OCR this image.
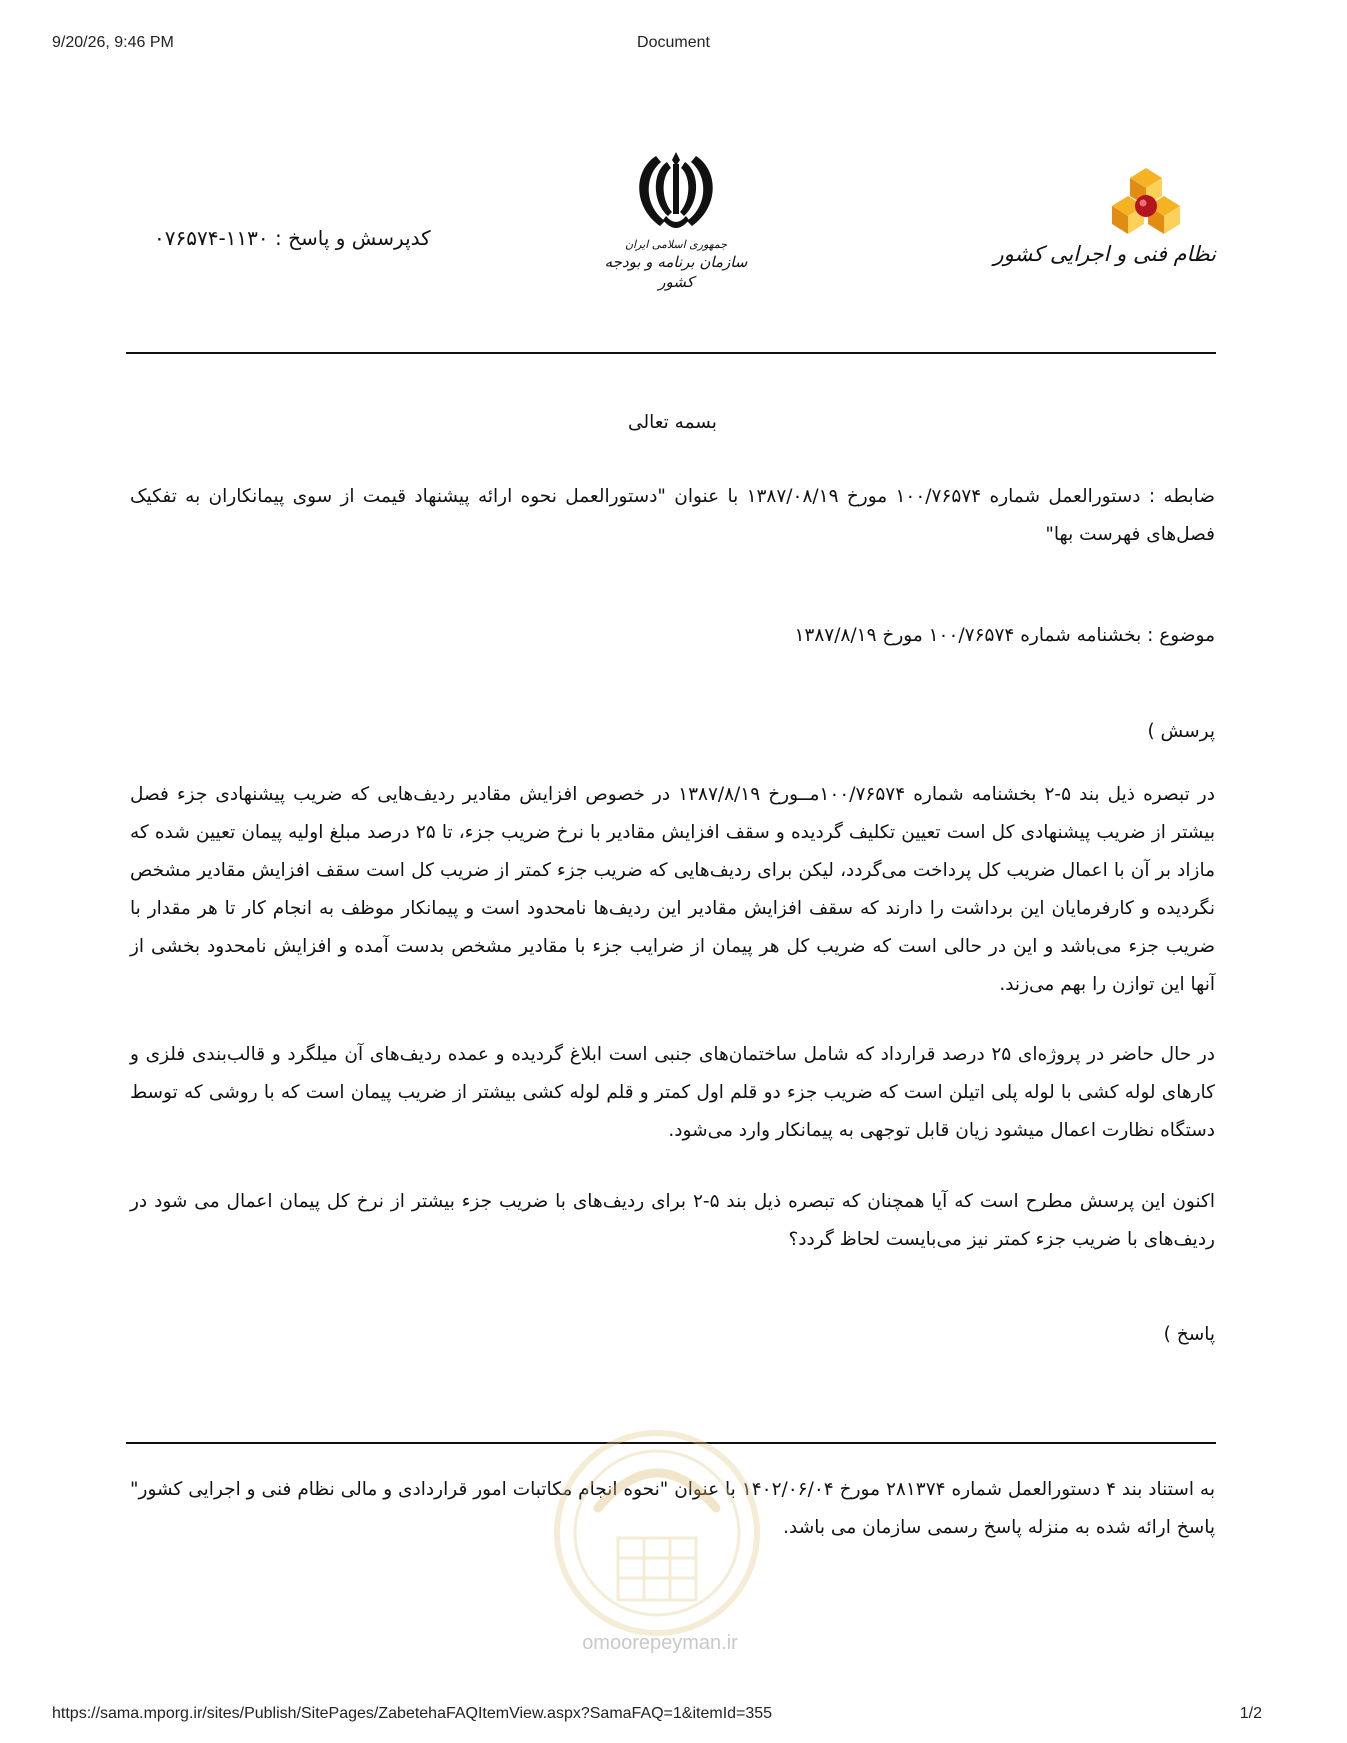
9/20/26, 9:46 PM	Document
کدپرسش و پاسخ : ۰۷۶۵۷۴-۱۱۳۰	جمهوری اسلامی ایران
سازمان برنامه و بودجه کشور
نظام فنی و اجرایی کشور

بسمه تعالی

ضابطه : دستورالعمل شماره ۱۰۰/۷۶۵۷۴ مورخ ۱۳۸۷/۰۸/۱۹ با عنوان "دستورالعمل نحوه ارائه پیشنهاد قیمت از سوی پیمانکاران به تفکیک فصل‌های فهرست بها"

موضوع : بخشنامه شماره ۱۰۰/۷۶۵۷۴ مورخ ۱۳۸۷/۸/۱۹

پرسش )

در تبصره ذیل بند ۵-۲ بخشنامه شماره ۱۰۰/۷۶۵۷۴مــورخ ۱۳۸۷/۸/۱۹ در خصوص افزایش مقادیر ردیف‌هایی که ضریب پیشنهادی جزء فصل بیشتر از ضریب پیشنهادی کل است تعیین تکلیف گردیده و سقف افزایش مقادیر با نرخ ضریب جزء، تا ۲۵ درصد مبلغ اولیه پیمان تعیین شده که مازاد بر آن با اعمال ضریب کل پرداخت می‌گردد، لیکن برای ردیف‌هایی که ضریب جزء کمتر از ضریب کل است سقف افزایش مقادیر مشخص نگردیده و کارفرمایان این برداشت را دارند که سقف افزایش مقادیر این ردیف‌ها نامحدود است و پیمانکار موظف به انجام کار تا هر مقدار با ضریب جزء می‌باشد و این در حالی است که ضریب کل هر پیمان از ضرایب جزء با مقادیر مشخص بدست آمده و افزایش نامحدود بخشی از آنها این توازن را بهم می‌زند.

در حال حاضر در پروژه‌ای ۲۵ درصد قرارداد که شامل ساختمان‌های جنبی است ابلاغ گردیده و عمده ردیف‌های آن میلگرد و قالب‌بندی فلزی و کارهای لوله کشی با لوله پلی اتیلن است که ضریب جزء دو قلم اول کمتر و قلم لوله کشی بیشتر از ضریب پیمان است که با روشی که توسط دستگاه نظارت اعمال میشود زیان قابل توجهی به پیمانکار وارد می‌شود.

اکنون این پرسش مطرح است که آیا همچنان که تبصره ذیل بند ۵-۲ برای ردیف‌های با ضریب جزء بیشتر از نرخ کل پیمان اعمال می شود در ردیف‌های با ضریب جزء کمتر نیز می‌بایست لحاظ گردد؟

پاسخ )

به استناد بند ۴ دستورالعمل شماره ۲۸۱۳۷۴ مورخ ۱۴۰۲/۰۶/۰۴ با عنوان "نحوه انجام مکاتبات امور قراردادی و مالی نظام فنی و اجرایی کشور" پاسخ ارائه شده به منزله پاسخ رسمی سازمان می باشد.

omoorepeyman.ir
https://sama.mporg.ir/sites/Publish/SitePages/ZabetehaFAQItemView.aspx?SamaFAQ=1&itemId=355	1/2
